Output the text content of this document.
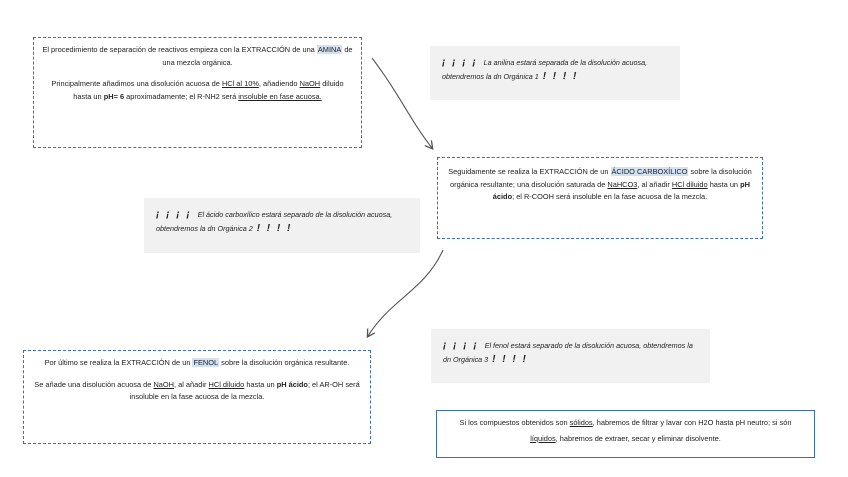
El procedimiento de separación de reactivos empieza con la EXTRACCIÓN de una AMINA de una mezcla orgánica.

Principalmente añadimos una disolución acuosa de HCl al 10%, añadiendo NaOH diluido hasta un pH= 6 aproximadamente; el R-NH2 será insoluble en fase acuosa.

¡ ¡ ¡ ¡ La anilina estará separada de la disolución acuosa, obtendremos la dn Orgánica 1 ! ! ! !
Seguidamente se realiza la EXTRACCIÓN de un ÁCIDO CARBOXÍLICO sobre la disolución orgánica resultante; una disolución saturada de NaHCO3, al añadir HCl diluido hasta un pH ácido; el R-COOH será insoluble en la fase acuosa de la mezcla.
¡ ¡ ¡ ¡ El ácido carboxílico estará separado de la disolución acuosa, obtendremos la dn Orgánica 2 ! ! ! !

Por último se realiza la EXTRACCIÓN de un FENOL sobre la disolución orgánica resultante.

Se añade una disolución acuosa de NaOH, al añadir HCl diluido hasta un pH ácido; el AR-OH será insoluble en la fase acuosa de la mezcla.

¡ ¡ ¡ ¡ El fenol estará separado de la disolución acuosa, obtendremos la dn Orgánica 3 ! ! ! !
Si los compuestos obtenidos son sólidos, habremos de filtrar y lavar con H2O hasta pH neutro; si són líquidos, habremos de extraer, secar y eliminar disolvente.
